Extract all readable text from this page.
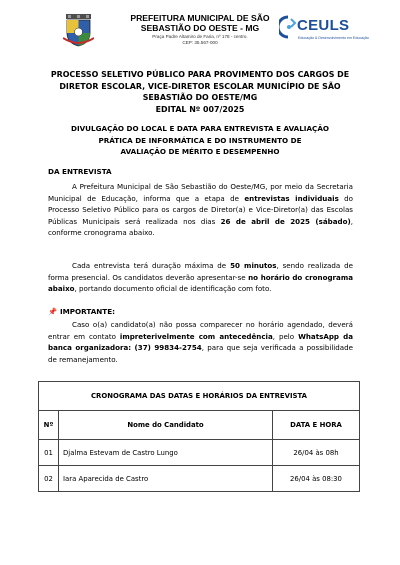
PREFEITURA MUNICIPAL DE SÃO
SEBASTIÃO DO OESTE - MG
Praça Padre Altamiro de Faria, nº 178 - centro.
CEP: 35.567-000
CEULS
Educação & Desenvolvimento em Educação
PROCESSO SELETIVO PÚBLICO PARA PROVIMENTO DOS CARGOS DE
DIRETOR ESCOLAR, VICE-DIRETOR ESCOLAR MUNICÍPIO DE SÃO
SEBASTIÃO DO OESTE/MG
EDITAL Nº 007/2025
DIVULGAÇÃO DO LOCAL E DATA PARA ENTREVISTA E AVALIAÇÃO
PRÁTICA DE INFORMÁTICA E DO INSTRUMENTO DE
AVALIAÇÃO DE MÉRITO E DESEMPENHO
DA ENTREVISTA
A Prefeitura Municipal de São Sebastião do Oeste/MG, por meio da Secretaria Municipal de Educação, informa que a etapa de entrevistas individuais do Processo Seletivo Público para os cargos de Diretor(a) e Vice-Diretor(a) das Escolas Públicas Municipais será realizada nos dias 26 de abril de 2025 (sábado), conforme cronograma abaixo.
Cada entrevista terá duração máxima de 50 minutos, sendo realizada de forma presencial. Os candidatos deverão apresentar-se no horário do cronograma abaixo, portando documento oficial de identificação com foto.
📌 IMPORTANTE:
Caso o(a) candidato(a) não possa comparecer no horário agendado, deverá entrar em contato impreterivelmente com antecedência, pelo WhatsApp da banca organizadora: (37) 99834-2754, para que seja verificada a possibilidade de remanejamento.
CRONOGRAMA DAS DATAS E HORÁRIOS DA ENTREVISTA		
Nº	Nome do Candidato	DATA E HORA
01	Djalma Estevam de Castro Lungo	26/04 às 08h
02	Iara Aparecida de Castro	26/04 às 08:30
